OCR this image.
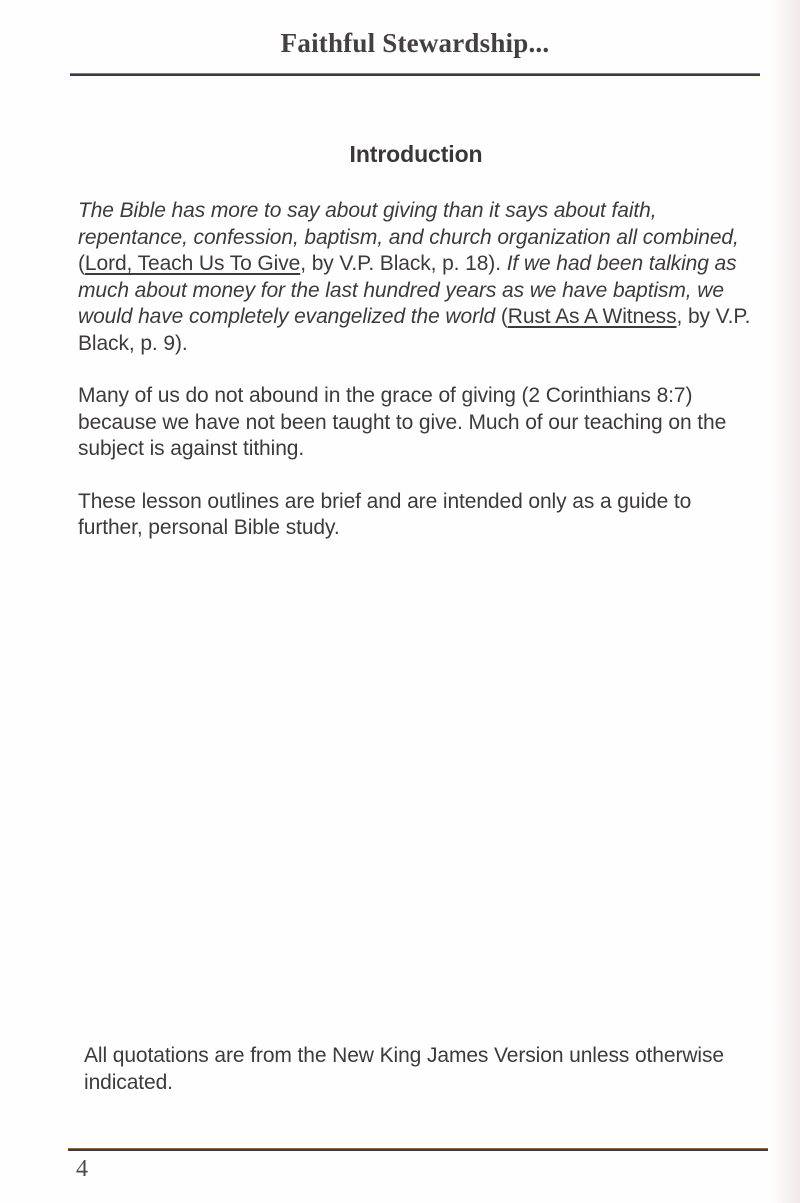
Faithful Stewardship...
Introduction

The Bible has more to say about giving than it says about faith, repentance, confession, baptism, and church organization all combined, (Lord, Teach Us To Give, by V.P. Black, p. 18). If we had been talking as much about money for the last hundred years as we have baptism, we would have completely evangelized the world (Rust As A Witness, by V.P. Black, p. 9).

Many of us do not abound in the grace of giving (2 Corinthians 8:7) because we have not been taught to give. Much of our teaching on the subject is against tithing.

These lesson outlines are brief and are intended only as a guide to further, personal Bible study.

All quotations are from the New King James Version unless otherwise indicated.

4
